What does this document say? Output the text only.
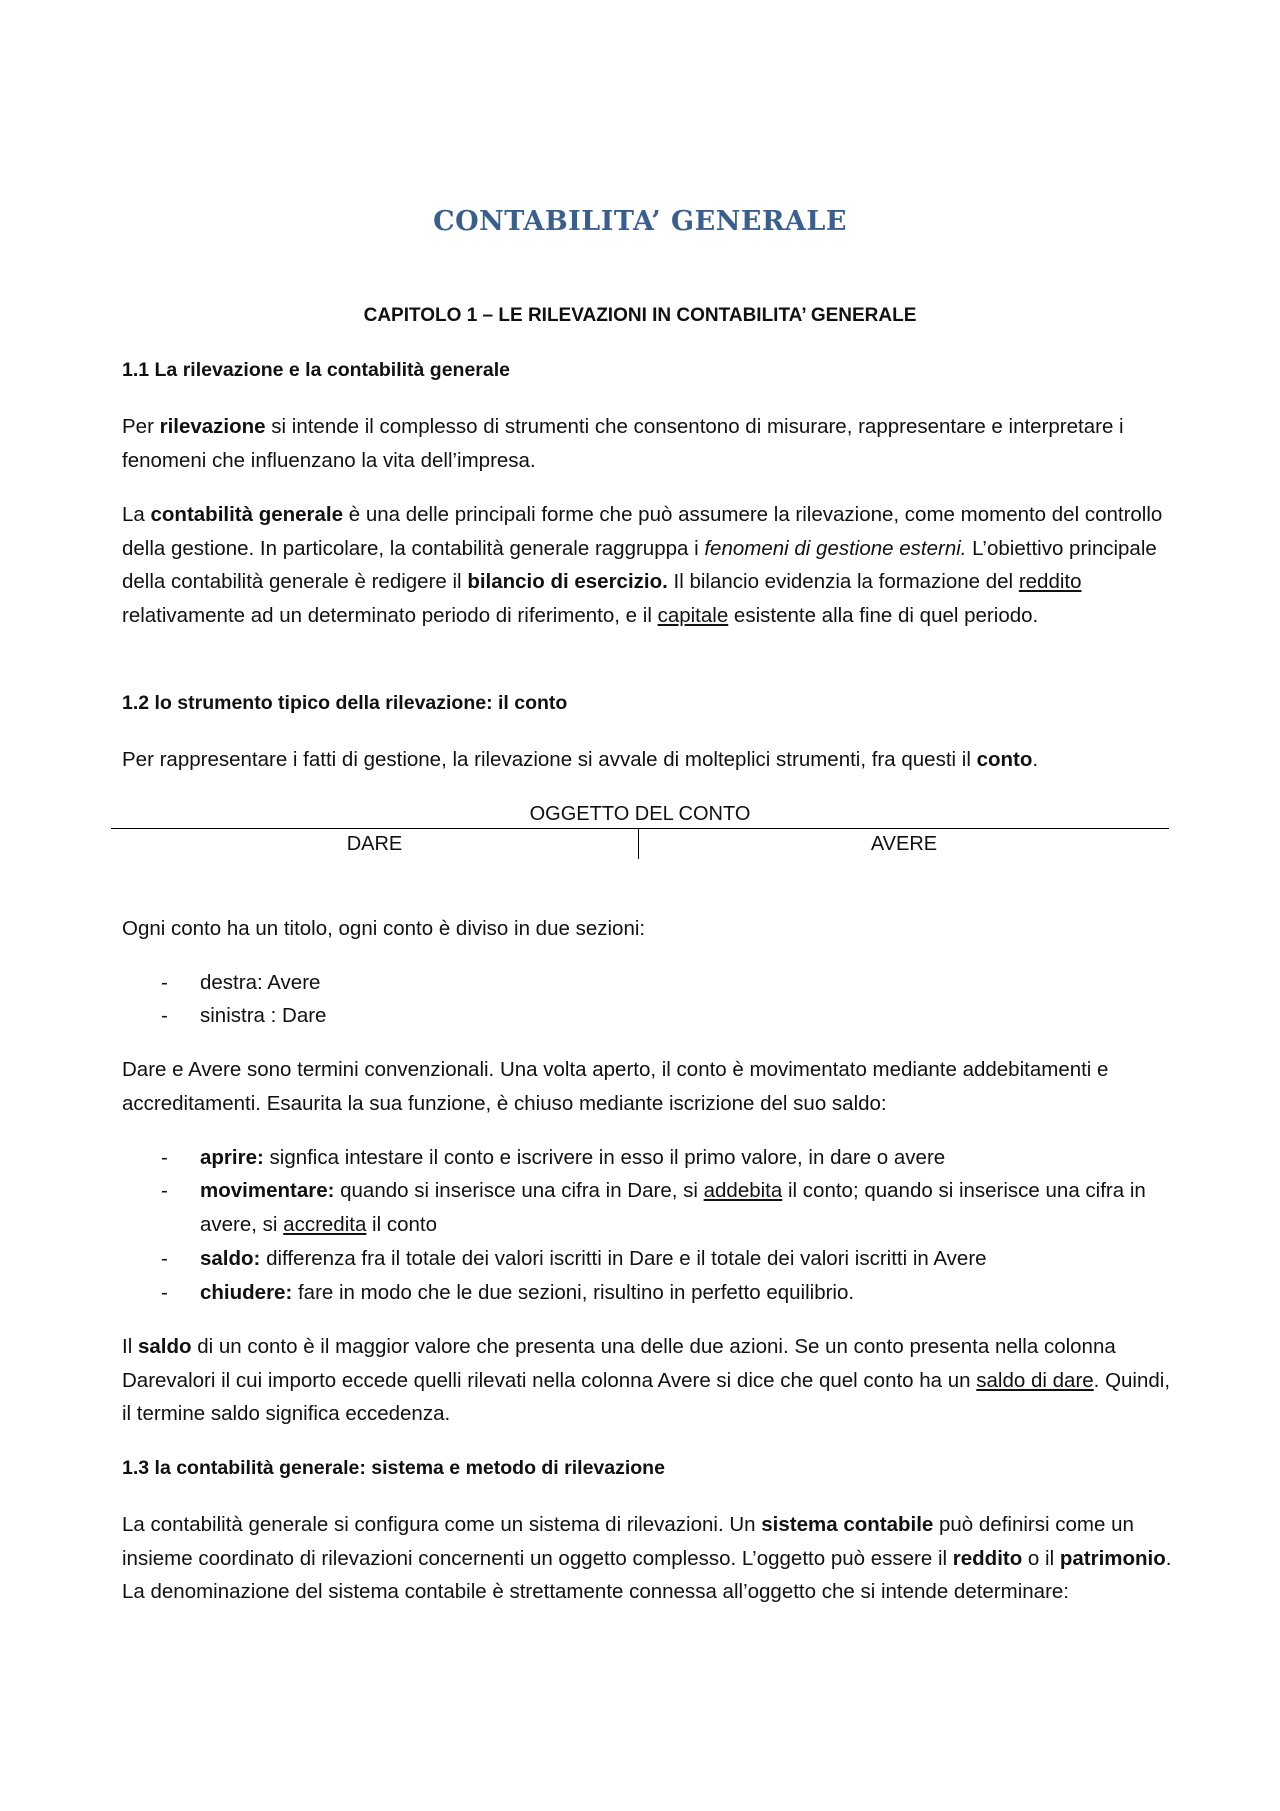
CONTABILITA’ GENERALE
CAPITOLO 1 – LE RILEVAZIONI IN CONTABILITA’ GENERALE
1.1 La rilevazione e la contabilità generale

Per rilevazione si intende il complesso di strumenti che consentono di misurare, rappresentare e interpretare i fenomeni che influenzano la vita dell’impresa.

La contabilità generale è una delle principali forme che può assumere la rilevazione, come momento del controllo della gestione. In particolare, la contabilità generale raggruppa i fenomeni di gestione esterni. L’obiettivo principale della contabilità generale è redigere il bilancio di esercizio. Il bilancio evidenzia la formazione del reddito relativamente ad un determinato periodo di riferimento, e il capitale esistente alla fine di quel periodo.

1.2 lo strumento tipico della rilevazione: il conto

Per rappresentare i fatti di gestione, la rilevazione si avvale di molteplici strumenti, fra questi il conto.

OGGETTO DEL CONTO
DARE	AVERE

Ogni conto ha un titolo, ogni conto è diviso in due sezioni:

- destra: Avere
- sinistra : Dare

Dare e Avere sono termini convenzionali. Una volta aperto, il conto è movimentato mediante addebitamenti e accreditamenti. Esaurita la sua funzione, è chiuso mediante iscrizione del suo saldo:

- aprire: signfica intestare il conto e iscrivere in esso il primo valore, in dare o avere
- movimentare: quando si inserisce una cifra in Dare, si addebita il conto; quando si inserisce una cifra in avere, si accredita il conto
- saldo: differenza fra il totale dei valori iscritti in Dare e il totale dei valori iscritti in Avere
- chiudere: fare in modo che le due sezioni, risultino in perfetto equilibrio.

Il saldo di un conto è il maggior valore che presenta una delle due azioni. Se un conto presenta nella colonna Darevalori il cui importo eccede quelli rilevati nella colonna Avere si dice che quel conto ha un saldo di dare. Quindi, il termine saldo significa eccedenza.

1.3 la contabilità generale: sistema e metodo di rilevazione

La contabilità generale si configura come un sistema di rilevazioni. Un sistema contabile può definirsi come un insieme coordinato di rilevazioni concernenti un oggetto complesso. L’oggetto può essere il reddito o il patrimonio. La denominazione del sistema contabile è strettamente connessa all’oggetto che si intende determinare:
